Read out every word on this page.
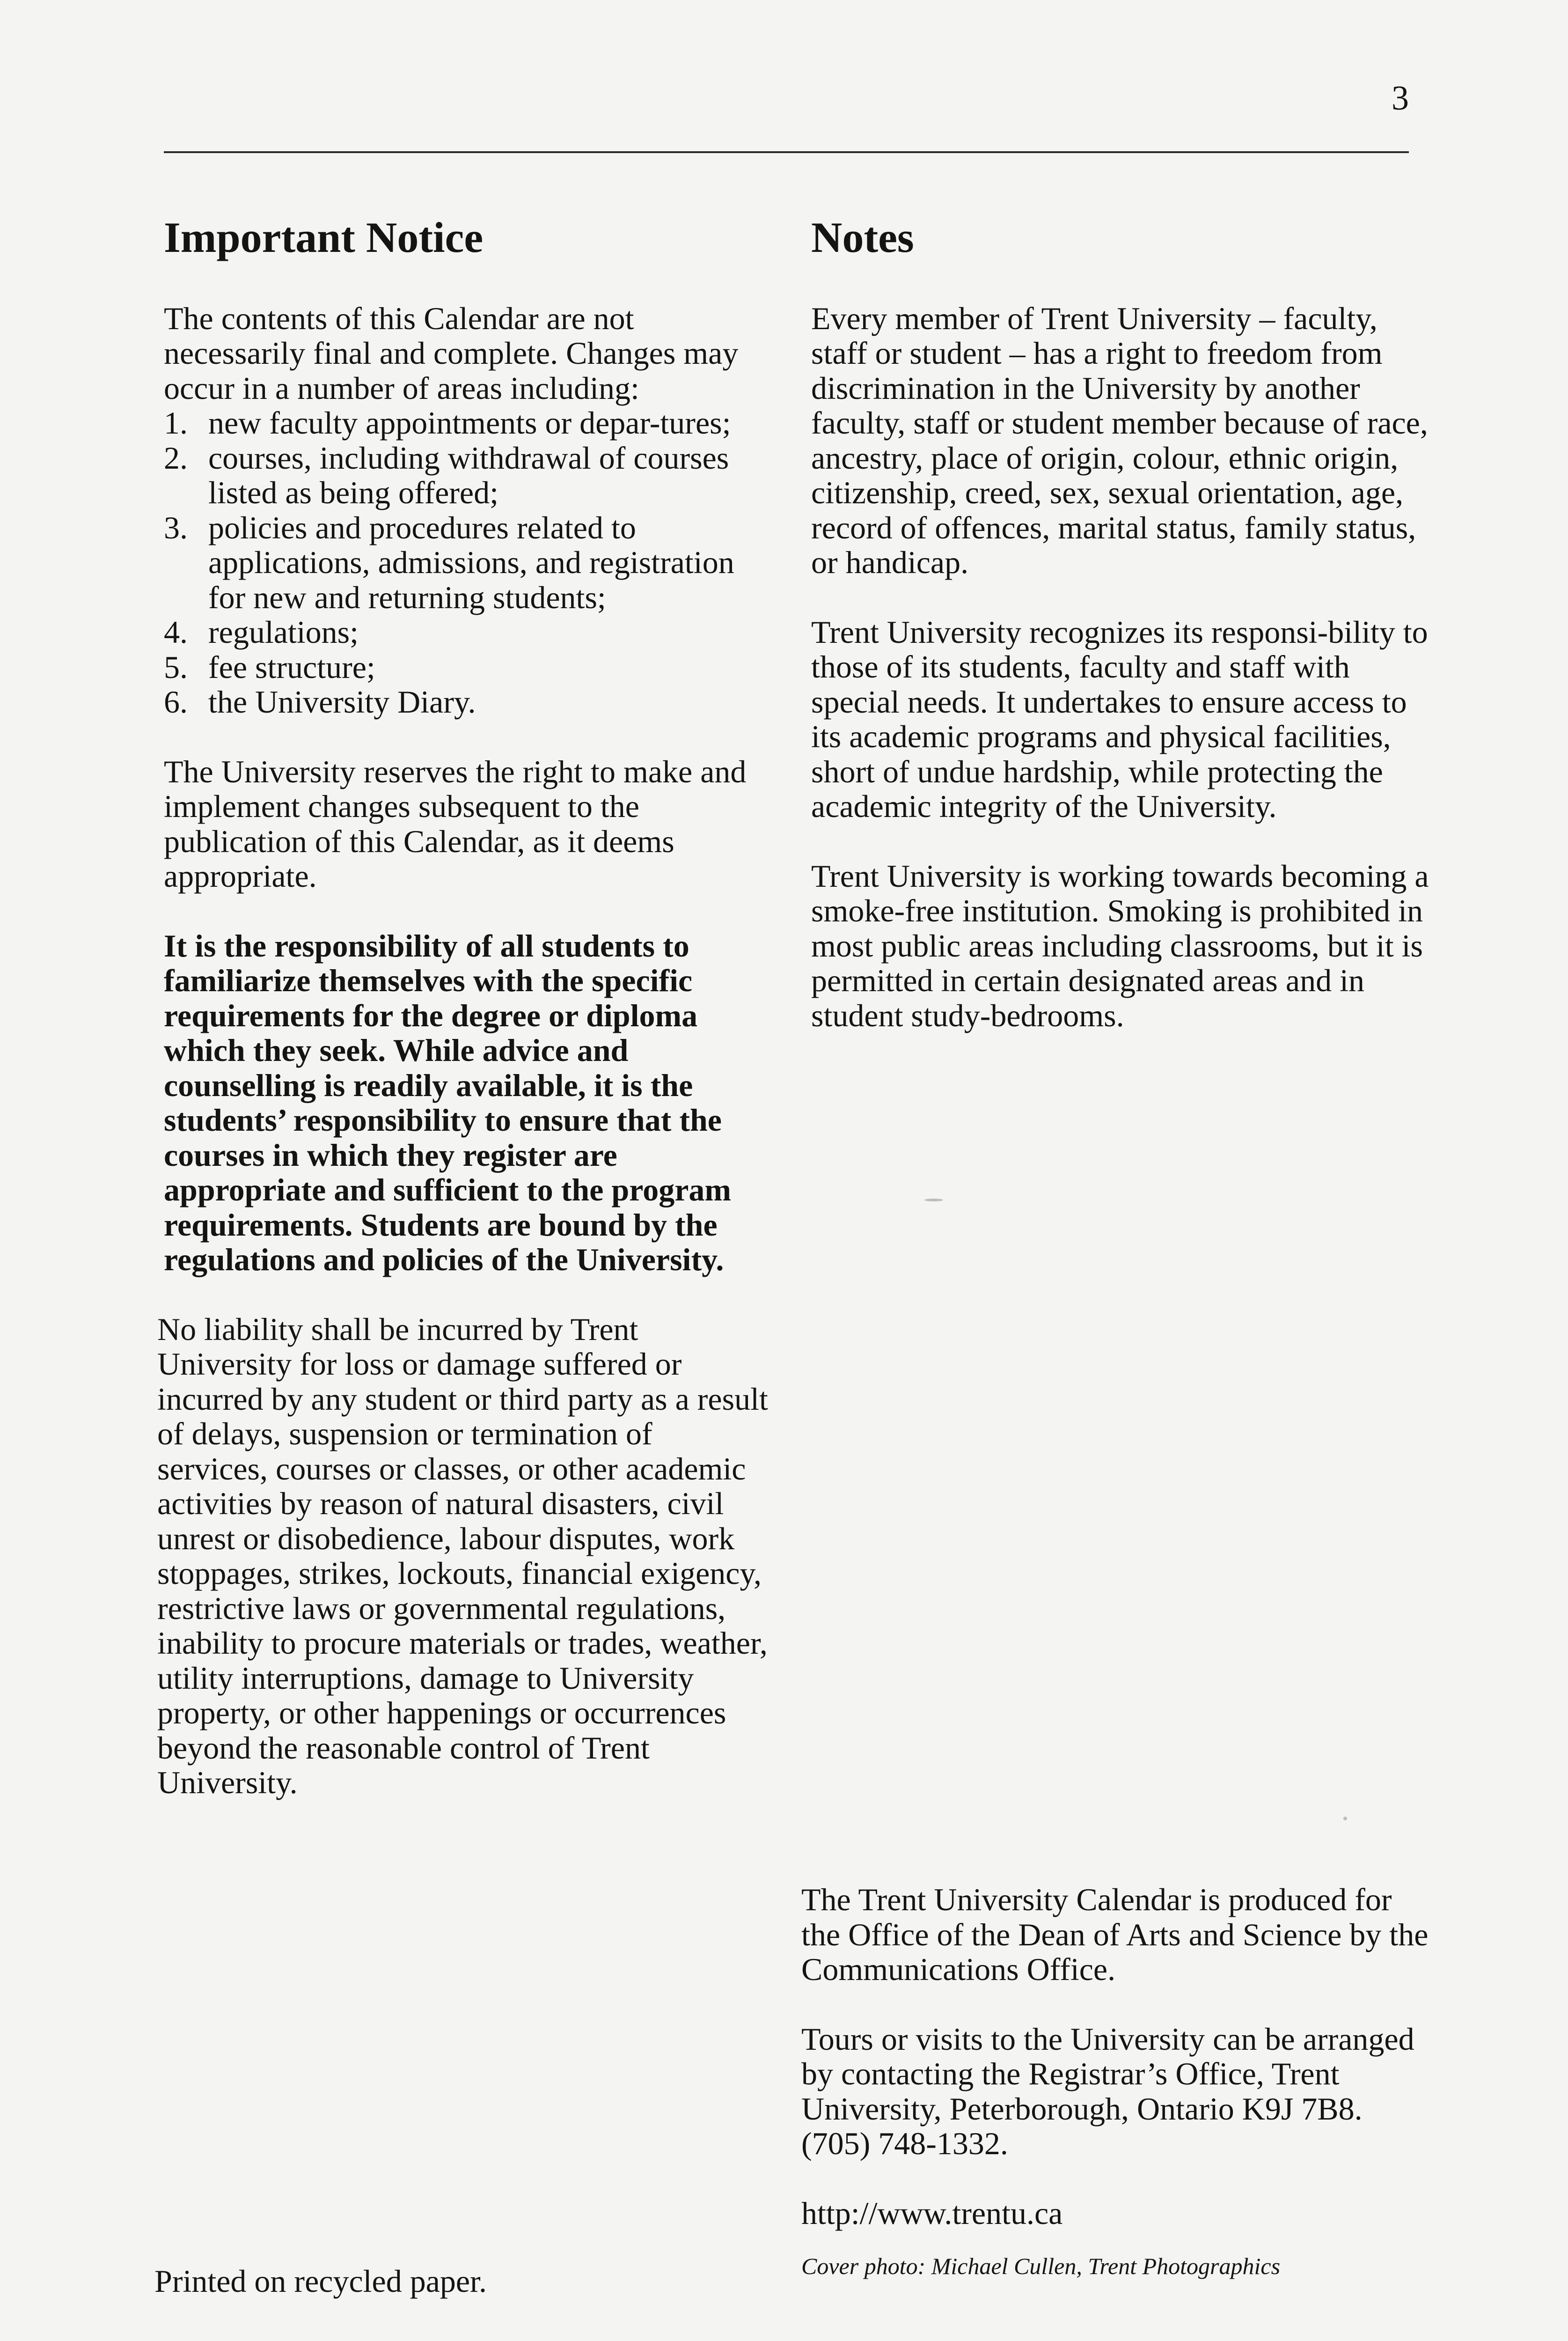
3
Important Notice

The contents of this Calendar are not necessarily final and complete. Changes may occur in a number of areas including:

1. new faculty appointments or depar-tures;
2. courses, including withdrawal of courses listed as being offered;
3. policies and procedures related to applications, admissions, and registration for new and returning students;
4. regulations;
5. fee structure;
6. the University Diary.

The University reserves the right to make and implement changes subsequent to the publication of this Calendar, as it deems appropriate.

It is the responsibility of all students to familiarize themselves with the specific requirements for the degree or diploma which they seek. While advice and counselling is readily available, it is the students’ responsibility to ensure that the courses in which they register are appropriate and sufficient to the program requirements. Students are bound by the regulations and policies of the University.

No liability shall be incurred by Trent University for loss or damage suffered or incurred by any student or third party as a result of delays, suspension or termination of services, courses or classes, or other academic activities by reason of natural disasters, civil unrest or disobedience, labour disputes, work stoppages, strikes, lockouts, financial exigency, restrictive laws or governmental regulations, inability to procure materials or trades, weather, utility interruptions, damage to University property, or other happenings or occurrences beyond the reasonable control of Trent University.

Printed on recycled paper.
Notes

Every member of Trent University – faculty, staff or student – has a right to freedom from discrimination in the University by another faculty, staff or student member because of race, ancestry, place of origin, colour, ethnic origin, citizenship, creed, sex, sexual orientation, age, record of offences, marital status, family status, or handicap.

Trent University recognizes its responsi-bility to those of its students, faculty and staff with special needs. It undertakes to ensure access to its academic programs and physical facilities, short of undue hardship, while protecting the academic integrity of the University.

Trent University is working towards becoming a smoke-free institution. Smoking is prohibited in most public areas including classrooms, but it is permitted in certain designated areas and in student study-bedrooms.

The Trent University Calendar is produced for the Office of the Dean of Arts and Science by the Communications Office.

Tours or visits to the University can be arranged by contacting the Registrar’s Office, Trent University, Peterborough, Ontario K9J 7B8. (705) 748-1332.

http://www.trentu.ca

Cover photo: Michael Cullen, Trent Photographics
